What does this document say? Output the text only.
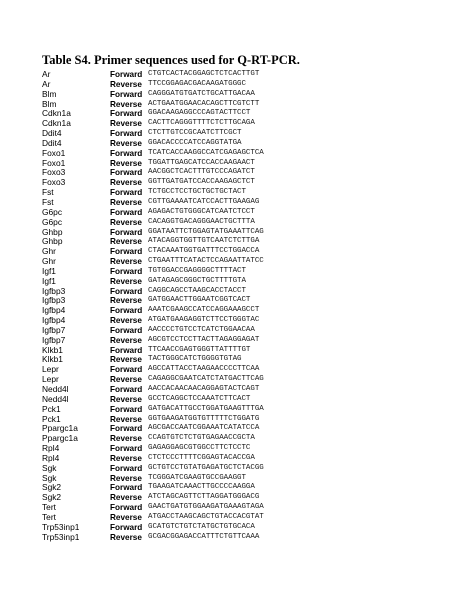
Table S4. Primer sequences used for Q-RT-PCR.
Ar	Forward CTGTCACTACGGAGCTCTCACTTGT
Ar	Reverse TTCCGGAGACGACAAGATGGGC
Blm	Forward CAGGGATGTGATCTGCATTGACAA
Blm	Reverse ACTGAATGGAACACAGCTTCGTCTT
Cdkn1a	Forward GGACAAGAGGCCCAGTACTTCCT
Cdkn1a	Reverse CACTTCAGGGTTTTCTCTTGCAGA
Ddit4	Forward CTCTTGTCCGCAATCTTCGCT
Ddit4	Reverse GGACACCCCATCCAGGTATGA
Foxo1	Forward TCATCACCAAGGCCATCGAGAGCTCA
Foxo1	Reverse TGGATTGAGCATCCACCAAGAACT
Foxo3	Forward AACGGCTCACTTTGTCCCAGATCT
Foxo3	Reverse GGTTGATGATCCACCAAGAGCTCT
Fst	Forward TCTGCCTCCTGCTGCTGCTACT
Fst	Reverse CGTTGAAAATCATCCACTTGAAGAG
G6pc	Forward AGAGACTGTGGGCATCAATCTCCT
G6pc	Reverse CACAGGTGACAGGGAACTGCTTTA
Ghbp	Forward GGATAATTCTGGAGTATGAAATTCAG
Ghbp	Reverse ATACAGGTGGTTGTCAATCTCTTGA
Ghr	Forward CTACAAATGGTGATTTCCTGGACCA
Ghr	Reverse CTGAATTTCATACTCCAGAATTATCC
Igf1	Forward TGTGGACCGAGGGGCTTTTACT
Igf1	Reverse GATAGAGCGGGCTGCTTTTGTA
Igfbp3	Forward CAGGCAGCCTAAGCACCTACCT
Igfbp3	Reverse GATGGAACTTGGAATCGGTCACT
Igfbp4	Forward AAATCGAAGCCATCCAGGAAAGCCT
Igfbp4	Reverse ATGATGAAGAGGTCTTCCTGGGTAC
Igfbp7	Forward AACCCCTGTCCTCATCTGGAACAA
Igfbp7	Reverse AGCGTCCTCCTTACTTAGAGGAGAT
Klkb1	Forward TTCAACCGAGTGGGTTATTTTGT
Klkb1	Reverse TACTGGGCATCTGGGGTGTAG
Lepr	Forward AGCCATTACCTAAGAACCCCTTCAA
Lepr	Reverse CAGAGGCGAATCATCTATGACTTCAG
Nedd4l	Forward AACCACAACAACAGGAGTACTCAGT
Nedd4l	Reverse GCCTCAGGCTCCAAATCTTCACT
Pck1	Forward GATGACATTGCCTGGATGAAGTTTGA
Pck1	Reverse GGTGAAGATGGTGTTTTTCTGGATG
Ppargc1a	Forward AGCGACCAATCGGAAATCATATCCA
Ppargc1a	Reverse CCAGTGTCTCTGTGAGAACCGCTA
Rpl4	Forward GAGAGGAGCGTGGCCTTCTCCTC
Rpl4	Reverse CTCTCCCTTTTCGGAGTACACCGA
Sgk	Forward GCTGTCCTGTATGAGATGCTCTACGG
Sgk	Reverse TCGGGATCGAAGTGCCGAAGGT
Sgk2	Forward TGAAGATCAAACTTGCCCCAAGGA
Sgk2	Reverse ATCTAGCAGTTCTTAGGATGGGACG
Tert	Forward GAACTGATGTGGAAGATGAAAGTAGA
Tert	Reverse ATGACCTAAGCAGCTGTACCACGTAT
Trp53inp1	Forward GCATGTCTGTCTATGCTGTGCACA
Trp53inp1	Reverse GCGACGGAGACCATTTCTGTTCAAA
